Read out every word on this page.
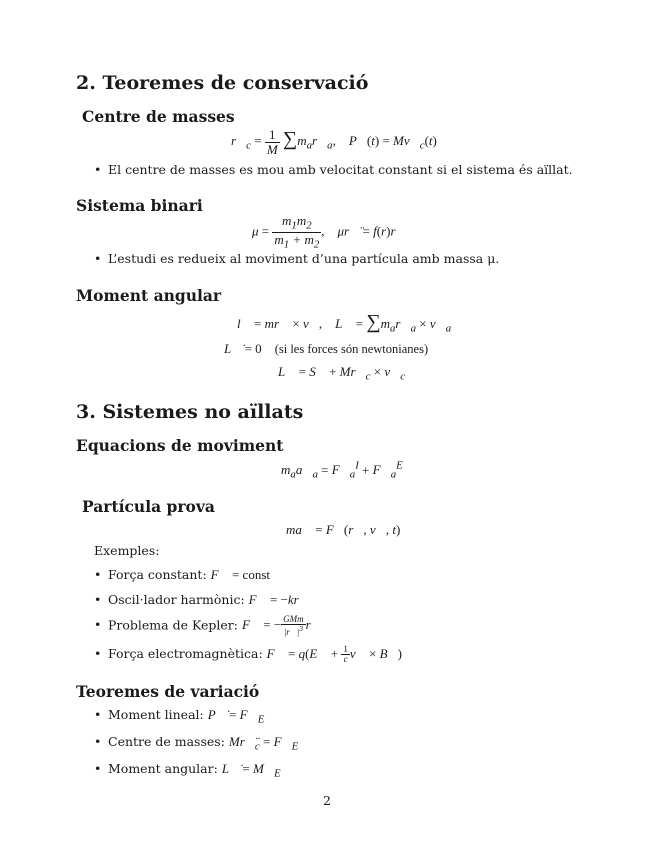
2. Teoremes de conservació
Centre de masses
$r⃗_c = \frac{1}{M}$ $\sum m_ar⃗_a$,    P⃗(t) = $Mv⃗_c(t)$
• El centre de masses es mou amb velocitat constant si el sistema és aïllat.
Sistema binari
$\mu = \frac{m_1m_2}{m_1 + m_2}$ ,    μr⃗̈ = f(r)r⃗
• L’estudi es redueix al moviment d’una partícula amb massa μ.
Moment angular
l⃗ = mr⃗ × v⃗,    L⃗ = $\sum m_ar⃗_a$ × $v⃗_a$
L⃗̇ = 0    (si les forces són newtonianes)
L⃗ = S⃗ + $Mr⃗_c$ × $v⃗_c$
3. Sistemes no aïllats
Equacions de moviment
$m_aa⃗_a$ = $F⃗_a^I$ + $F⃗_a^E$
Partícula prova
ma⃗ = F⃗(r⃗, v⃗, t)
Exemples:
• Força constant: F⃗ = const
• Oscil·lador harmònic: F⃗ = −kr⃗
• Problema de Kepler: F⃗ = − $\frac{\text{GMm}}{|r⃗|^3}$ r⃗
• Força electromagnètica: F⃗ = q(E⃗ + $\frac{1}{c}$ v⃗ × B⃗)
Teoremes de variació
• Moment lineal: P⃗̇ = $F⃗_E$
• Centre de masses: $Mr⃗̈_c$ = $F⃗_E$
• Moment angular: L⃗̇ = $M⃗_E$
2
